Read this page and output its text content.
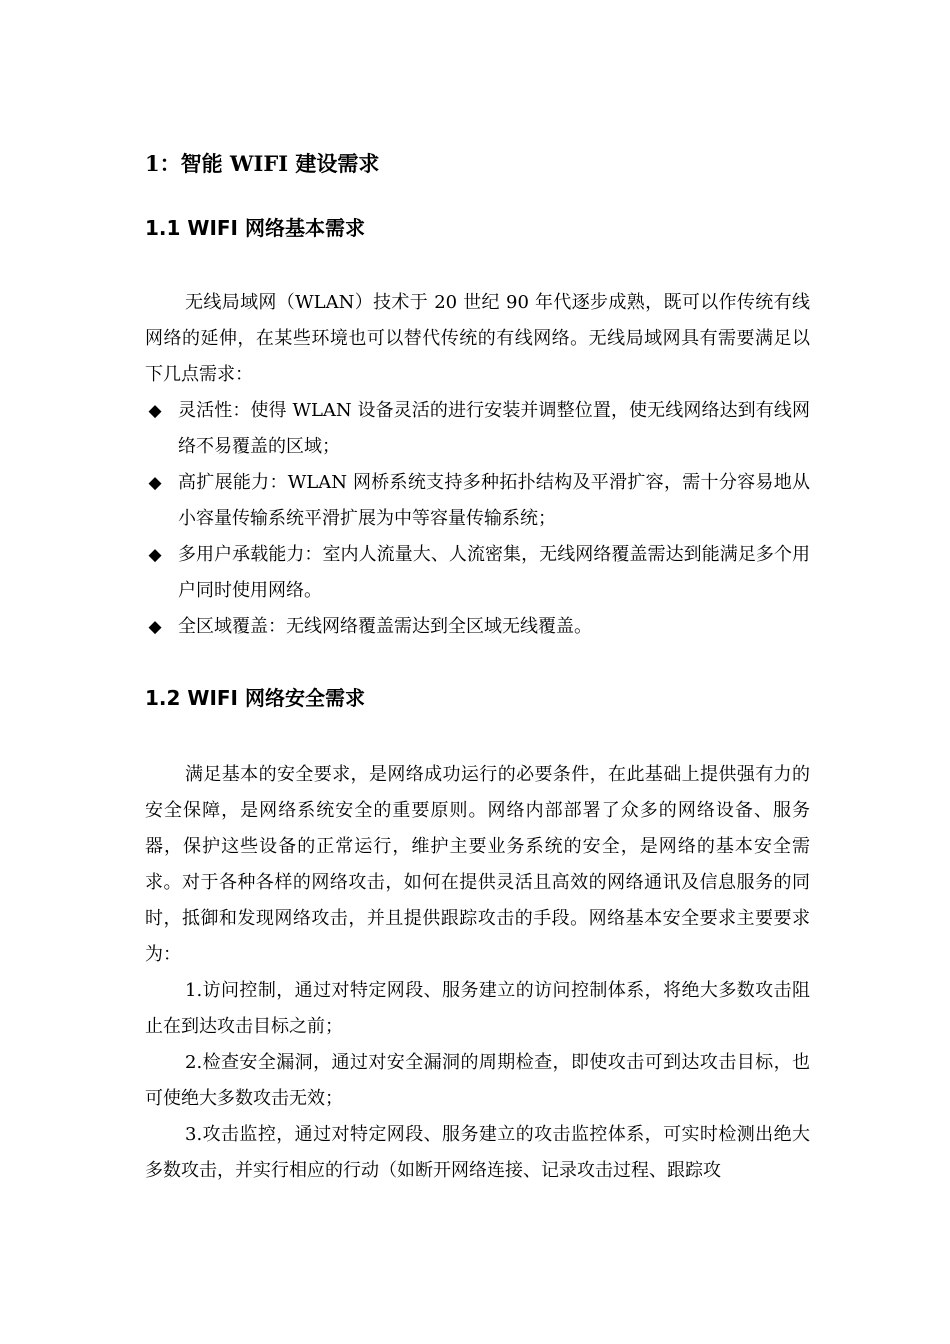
1：智能 WIFI 建设需求
1.1 WIFI 网络基本需求

无线局域网（WLAN）技术于 20 世纪 90 年代逐步成熟，既可以作传统有线网络的延伸，在某些环境也可以替代传统的有线网络。无线局域网具有需要满足以下几点需求：

◆ 灵活性：使得 WLAN 设备灵活的进行安装并调整位置，使无线网络达到有线网络不易覆盖的区域；
◆ 高扩展能力：WLAN 网桥系统支持多种拓扑结构及平滑扩容，需十分容易地从小容量传输系统平滑扩展为中等容量传输系统；
◆ 多用户承载能力：室内人流量大、人流密集，无线网络覆盖需达到能满足多个用户同时使用网络。
◆ 全区域覆盖：无线网络覆盖需达到全区域无线覆盖。
1.2 WIFI 网络安全需求

满足基本的安全要求，是网络成功运行的必要条件，在此基础上提供强有力的安全保障，是网络系统安全的重要原则。网络内部部署了众多的网络设备、服务器，保护这些设备的正常运行，维护主要业务系统的安全，是网络的基本安全需求。对于各种各样的网络攻击，如何在提供灵活且高效的网络通讯及信息服务的同时，抵御和发现网络攻击，并且提供跟踪攻击的手段。网络基本安全要求主要要求为：

1.访问控制，通过对特定网段、服务建立的访问控制体系，将绝大多数攻击阻止在到达攻击目标之前；

2.检查安全漏洞，通过对安全漏洞的周期检查，即使攻击可到达攻击目标，也可使绝大多数攻击无效；

3.攻击监控，通过对特定网段、服务建立的攻击监控体系，可实时检测出绝大多数攻击，并实行相应的行动（如断开网络连接、记录攻击过程、跟踪攻
